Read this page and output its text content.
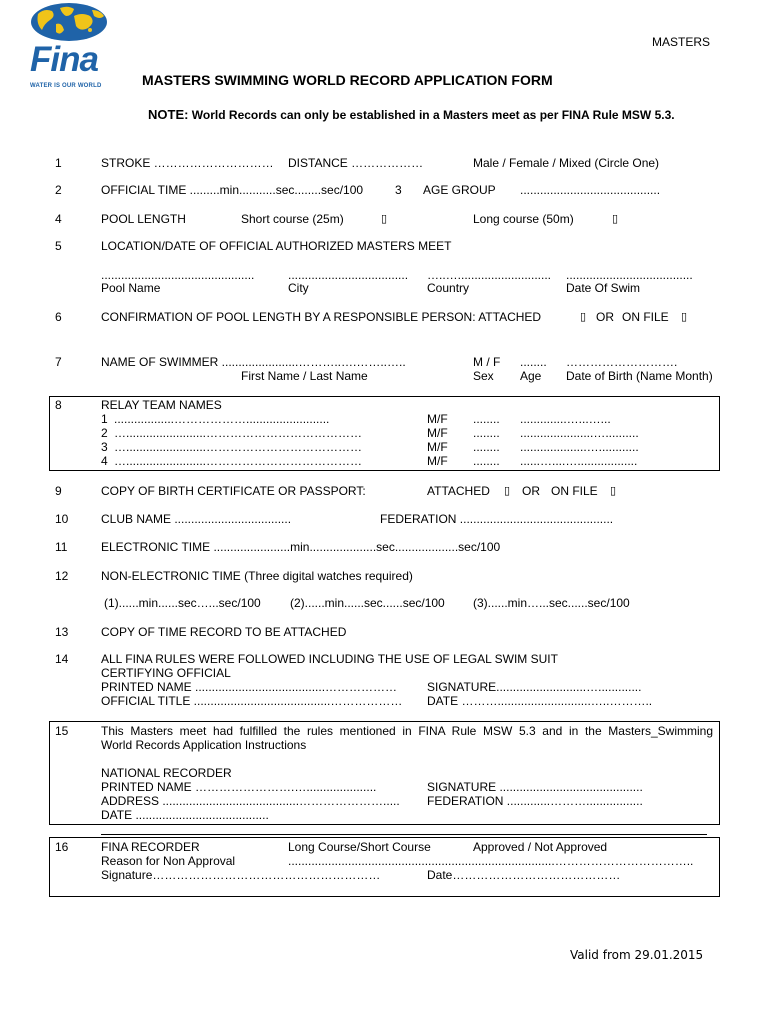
Fina
WATER IS OUR WORLD
MASTERS
MASTERS SWIMMING WORLD RECORD APPLICATION FORM
NOTE: World Records can only be established in a Masters meet as per FINA Rule MSW 5.3.
1	STROKE ………………………… DISTANCE ………………	Male / Female / Mixed (Circle One)
2	OFFICIAL TIME .........min...........sec........sec/100	3 AGE GROUP ..........................................
4	POOL LENGTH	Short course (25m)	▯	Long course (50m)	▯
5	LOCATION/DATE OF OFFICIAL AUTHORIZED MASTERS MEET
..............................................	.................................... …..…............................ ......................................
Pool Name	City	Country	Date Of Swim
6	CONFIRMATION OF POOL LENGTH BY A RESPONSIBLE PERSON: ATTACHED	▯ OR ON FILE ▯
7	NAME OF SWIMMER .......................………..….……..…..	M / F ........ ……………………….
First Name / Last Name	Sex Age Date of Birth (Name Month)
8	RELAY TEAM NAMES
1 ..................……………….........................	M/F ........ ..............…...…...
2 …........................…………………………………	M/F ........ ......................…..........
3 …........................…………………………………	M/F ........ ....................…............
4 …........................…………………………………	M/F ........ ......…....…..................
9	COPY OF BIRTH CERTIFICATE OR PASSPORT:	ATTACHED ▯ OR ON FILE ▯
10	CLUB NAME ...................................	FEDERATION ..............................................
11	ELECTRONIC TIME .......................min....................sec...................sec/100
12	NON-ELECTRONIC TIME (Three digital watches required)
(1)......min......sec…...sec/100 (2)......min......sec......sec/100 (3)......min…...sec......sec/100
13	COPY OF TIME RECORD TO BE ATTACHED
14	ALL FINA RULES WERE FOLLOWED INCLUDING THE USE OF LEGAL SWIM SUIT
CERTIFYING OFFICIAL
PRINTED NAME .......................................……………… SIGNATURE...........................….............
OFFICIAL TITLE .........................................……………… DATE ………............................…..………..
15	This Masters meet had fulfilled the rules mentioned in FINA Rule MSW 5.3 and in the Masters_Swimming
World Records Application Instructions
NATIONAL RECORDER
PRINTED NAME …………………….….....................	SIGNATURE ...........................................
ADDRESS .........................................…………………..... FEDERATION .............……….................
DATE ........................................
16	FINA RECORDER	Long Course/Short Course	Approved / Not Approved
Reason for Non Approval	................................................................................……………………………..
Signature…………………………………………………	Date……………………………………
Valid from 29.01.2015
